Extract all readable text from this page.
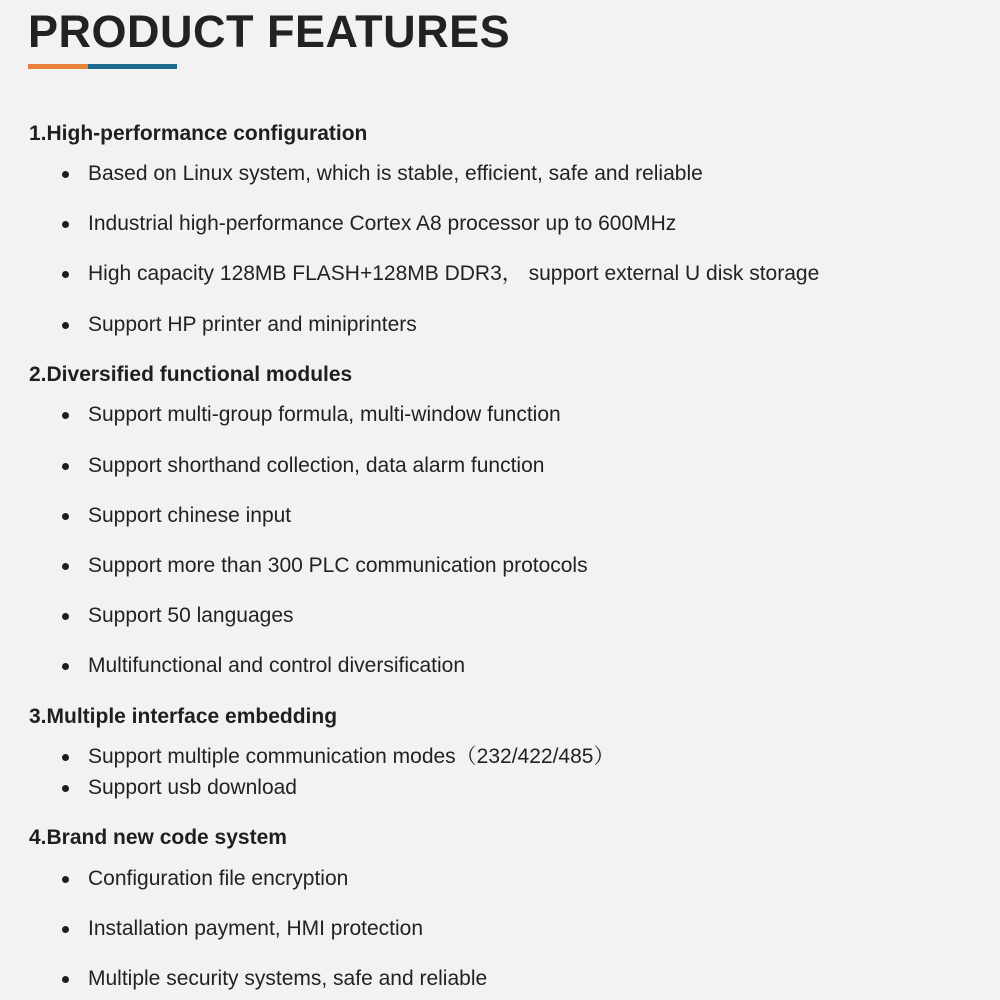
PRODUCT FEATURES
1.High-performance configuration
Based on Linux system, which is stable, efficient, safe and reliable
Industrial high-performance Cortex A8 processor up to 600MHz
High capacity 128MB FLASH+128MB DDR3， support external U disk storage
Support HP printer and miniprinters
2.Diversified functional modules
Support multi-group formula, multi-window function
Support shorthand collection, data alarm function
Support chinese input
Support more than 300 PLC communication protocols
Support 50 languages
Multifunctional and control diversification
3.Multiple interface embedding
Support multiple communication modes（232/422/485）
Support usb download
4.Brand new code system
Configuration file encryption
Installation payment, HMI protection
Multiple security systems, safe and reliable
